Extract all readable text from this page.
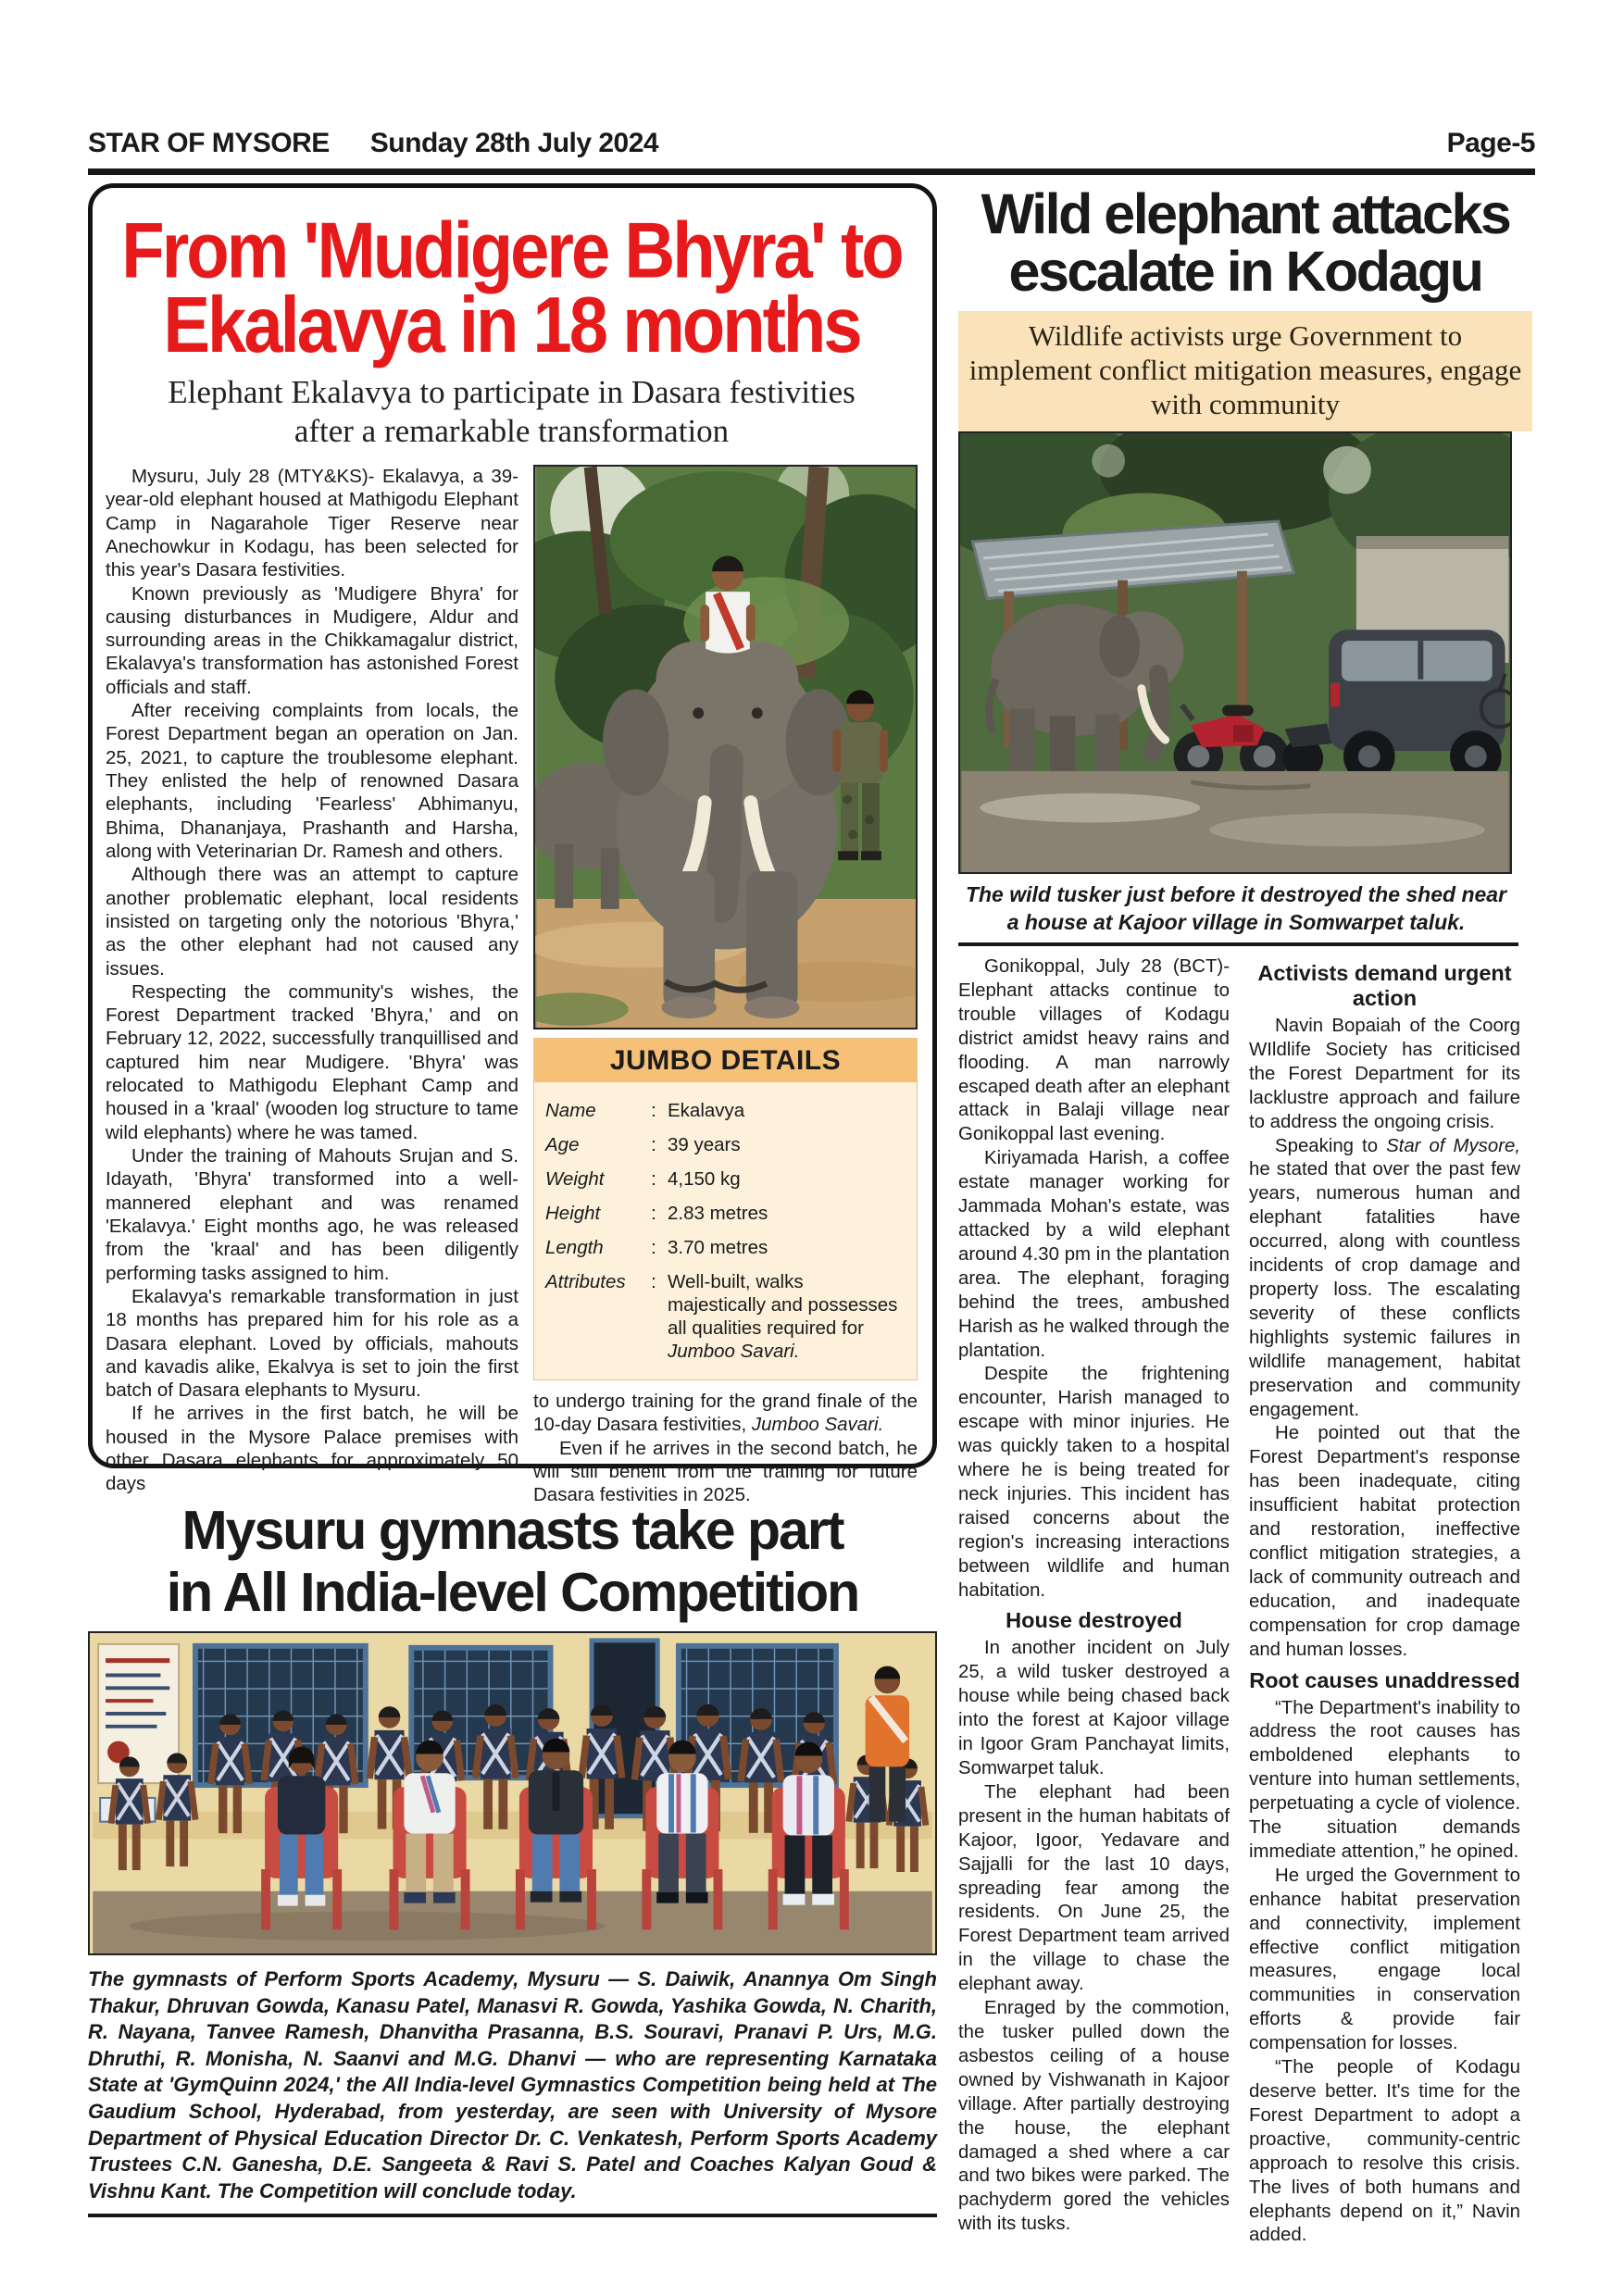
STAR OF MYSORE Sunday 28th July 2024	Page-5
From 'Mudigere Bhyra' to
Ekalavya in 18 months
Elephant Ekalavya to participate in Dasara festivities
after a remarkable transformation

Mysuru, July 28 (MTY&KS)- Ekalavya, a 39-year-old elephant housed at Mathigodu Elephant Camp in Nagarahole Tiger Reserve near Anechowkur in Kodagu, has been selected for this year's Dasara festivities.

Known previously as 'Mudigere Bhyra' for causing disturbances in Mudigere, Aldur and surrounding areas in the Chikkamagalur district, Ekalavya's transformation has astonished Forest officials and staff.

After receiving complaints from locals, the Forest Department began an operation on Jan. 25, 2021, to capture the troublesome elephant. They enlisted the help of renowned Dasara elephants, including 'Fearless' Abhimanyu, Bhima, Dhananjaya, Prashanth and Harsha, along with Veterinarian Dr. Ramesh and others.

Although there was an attempt to capture another problematic elephant, local residents insisted on targeting only the notorious 'Bhyra,' as the other elephant had not caused any issues.

Respecting the community's wishes, the Forest Department tracked 'Bhyra,' and on February 12, 2022, successfully tranquillised and captured him near Mudigere. 'Bhyra' was relocated to Mathigodu Elephant Camp and housed in a 'kraal' (wooden log structure to tame wild elephants) where he was tamed.

Under the training of Mahouts Srujan and S. Idayath, 'Bhyra' transformed into a well-mannered elephant and was renamed 'Ekalavya.' Eight months ago, he was released from the 'kraal' and has been diligently performing tasks assigned to him.

Ekalavya's remarkable transformation in just 18 months has prepared him for his role as a Dasara elephant. Loved by officials, mahouts and kavadis alike, Ekalvya is set to join the first batch of Dasara elephants to Mysuru.

If he arrives in the first batch, he will be housed in the Mysore Palace premises with other Dasara elephants for approximately 50 days

JUMBO DETAILS
Name	: Ekalavya
Age	: 39 years
Weight	: 4,150 kg
Height	: 2.83 metres
Length	: 3.70 metres
Attributes	: Well-built, walks majestically and possesses all qualities required for Jumboo Savari.

to undergo training for the grand finale of the 10-day Dasara festivities, Jumboo Savari.

Even if he arrives in the second batch, he will still benefit from the training for future Dasara festivities in 2025.

Wild elephant attacks
escalate in Kodagu
Wildlife activists urge Government to implement conflict mitigation measures, engage with community
The wild tusker just before it destroyed the shed near a house at Kajoor village in Somwarpet taluk.

Gonikoppal, July 28 (BCT)- Elephant attacks continue to trouble villages of Kodagu district amidst heavy rains and flooding. A man narrowly escaped death after an elephant attack in Balaji village near Gonikoppal last evening.

Kiriyamada Harish, a coffee estate manager working for Jammada Mohan's estate, was attacked by a wild elephant around 4.30 pm in the plantation area. The elephant, foraging behind the trees, ambushed Harish as he walked through the plantation.

Despite the frightening encounter, Harish managed to escape with minor injuries. He was quickly taken to a hospital where he is being treated for neck injuries. This incident has raised concerns about the region's increasing interactions between wildlife and human habitation.

House destroyed

In another incident on July 25, a wild tusker destroyed a house while being chased back into the forest at Kajoor village in Igoor Gram Panchayat limits, Somwarpet taluk.

The elephant had been present in the human habitats of Kajoor, Igoor, Yedavare and Sajjalli for the last 10 days, spreading fear among the residents. On June 25, the Forest Department team arrived in the village to chase the elephant away.

Enraged by the commotion, the tusker pulled down the asbestos ceiling of a house owned by Vishwanath in Kajoor village. After partially destroying the house, the elephant damaged a shed where a car and two bikes were parked. The pachyderm gored the vehicles with its tusks.

Activists demand urgent action

Navin Bopaiah of the Coorg WIldlife Society has criticised the Forest Department for its lacklustre approach and failure to address the ongoing crisis.

Speaking to Star of Mysore, he stated that over the past few years, numerous human and elephant fatalities have occurred, along with countless incidents of crop damage and property loss. The escalating severity of these conflicts highlights systemic failures in wildlife management, habitat preservation and community engagement.

He pointed out that the Forest Department's response has been inadequate, citing insufficient habitat protection and restoration, ineffective conflict mitigation strategies, a lack of community outreach and education, and inadequate compensation for crop damage and human losses.

Root causes unaddressed

“The Department's inability to address the root causes has emboldened elephants to venture into human settlements, perpetuating a cycle of violence. The situation demands immediate attention,” he opined.

He urged the Government to enhance habitat preservation and connectivity, implement effective conflict mitigation measures, engage local communities in conservation efforts & provide fair compensation for losses.

“The people of Kodagu deserve better. It's time for the Forest Department to adopt a proactive, community-centric approach to resolve this crisis. The lives of both humans and elephants depend on it,” Navin added.

Mysuru gymnasts take part
in All India-level Competition
The gymnasts of Perform Sports Academy, Mysuru — S. Daiwik, Anannya Om Singh Thakur, Dhruvan Gowda, Kanasu Patel, Manasvi R. Gowda, Yashika Gowda, N. Charith, R. Nayana, Tanvee Ramesh, Dhanvitha Prasanna, B.S. Souravi, Pranavi P. Urs, M.G. Dhruthi, R. Monisha, N. Saanvi and M.G. Dhanvi — who are representing Karnataka State at 'GymQuinn 2024,' the All India-level Gymnastics Competition being held at The Gaudium School, Hyderabad, from yesterday, are seen with University of Mysore Department of Physical Education Director Dr. C. Venkatesh, Perform Sports Academy Trustees C.N. Ganesha, D.E. Sangeeta & Ravi S. Patel and Coaches Kalyan Goud & Vishnu Kant. The Competition will conclude today.
